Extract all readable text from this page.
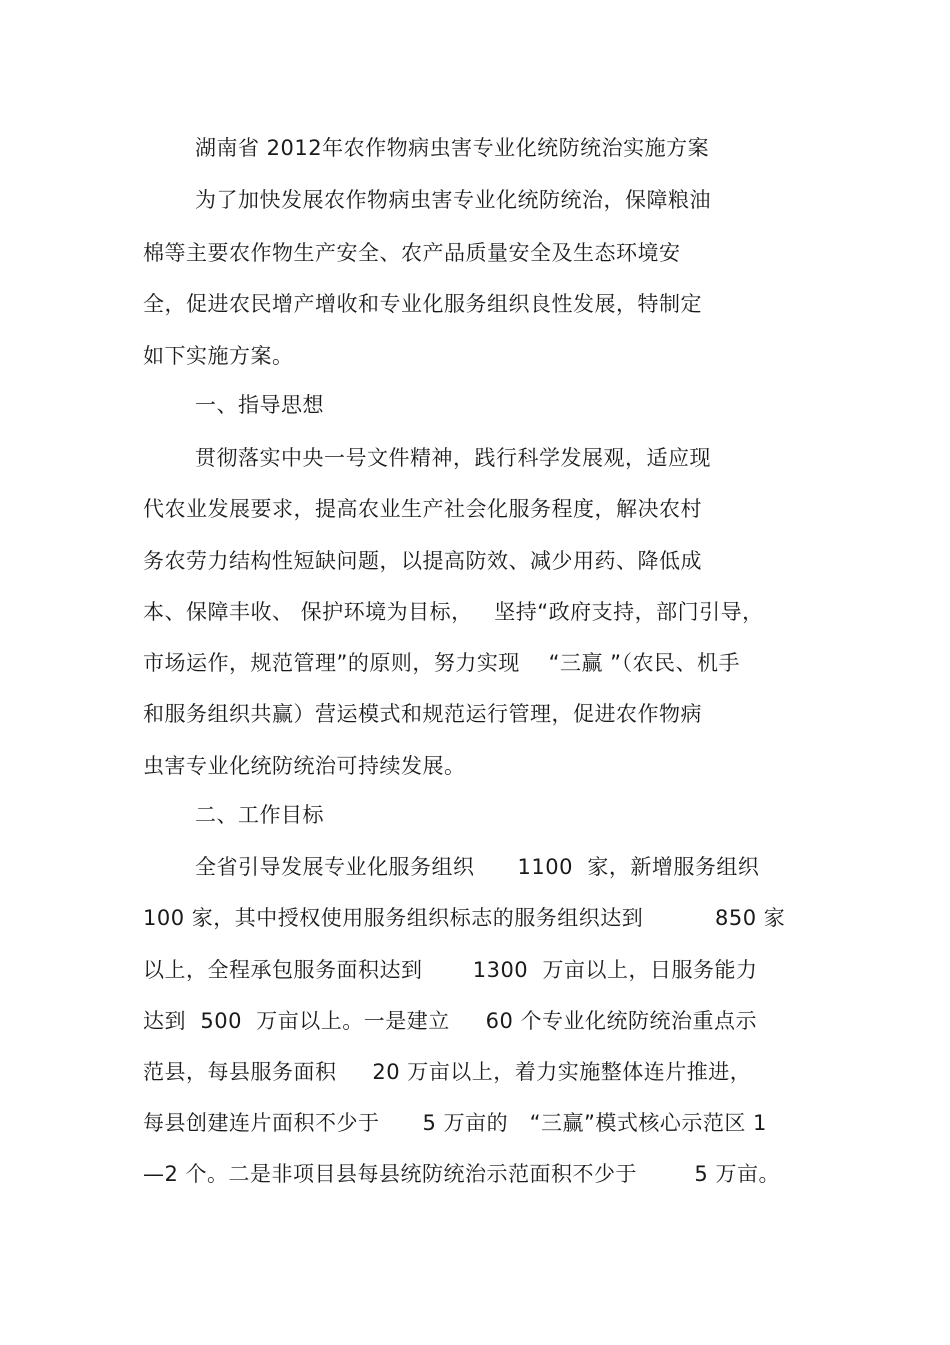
湖南省 2012年农作物病虫害专业化统防统治实施方案
为了加快发展农作物病虫害专业化统防统治，保障粮油
棉等主要农作物生产安全、农产品质量安全及生态环境安
全，促进农民增产增收和专业化服务组织良性发展，特制定
如下实施方案。
一、指导思想
贯彻落实中央一号文件精神，践行科学发展观，适应现
代农业发展要求，提高农业生产社会化服务程度，解决农村
务农劳力结构性短缺问题，以提高防效、减少用药、降低成
本、保障丰收、 保护环境为目标，   坚持“政府支持，部门引导，
市场运作，规范管理”的原则，努力实现    “三赢 ”（农民、机手
和服务组织共赢）营运模式和规范运行管理，促进农作物病
虫害专业化统防统治可持续发展。
二、工作目标
全省引导发展专业化服务组织      1100  家，新增服务组织
100 家，其中授权使用服务组织标志的服务组织达到          850 家
以上，全程承包服务面积达到       1300  万亩以上，日服务能力
达到  500  万亩以上。一是建立     60 个专业化统防统治重点示
范县，每县服务面积     20 万亩以上，着力实施整体连片推进，
每县创建连片面积不少于      5 万亩的   “三赢”模式核心示范区 1
—2 个。二是非项目县每县统防统治示范面积不少于        5 万亩。
